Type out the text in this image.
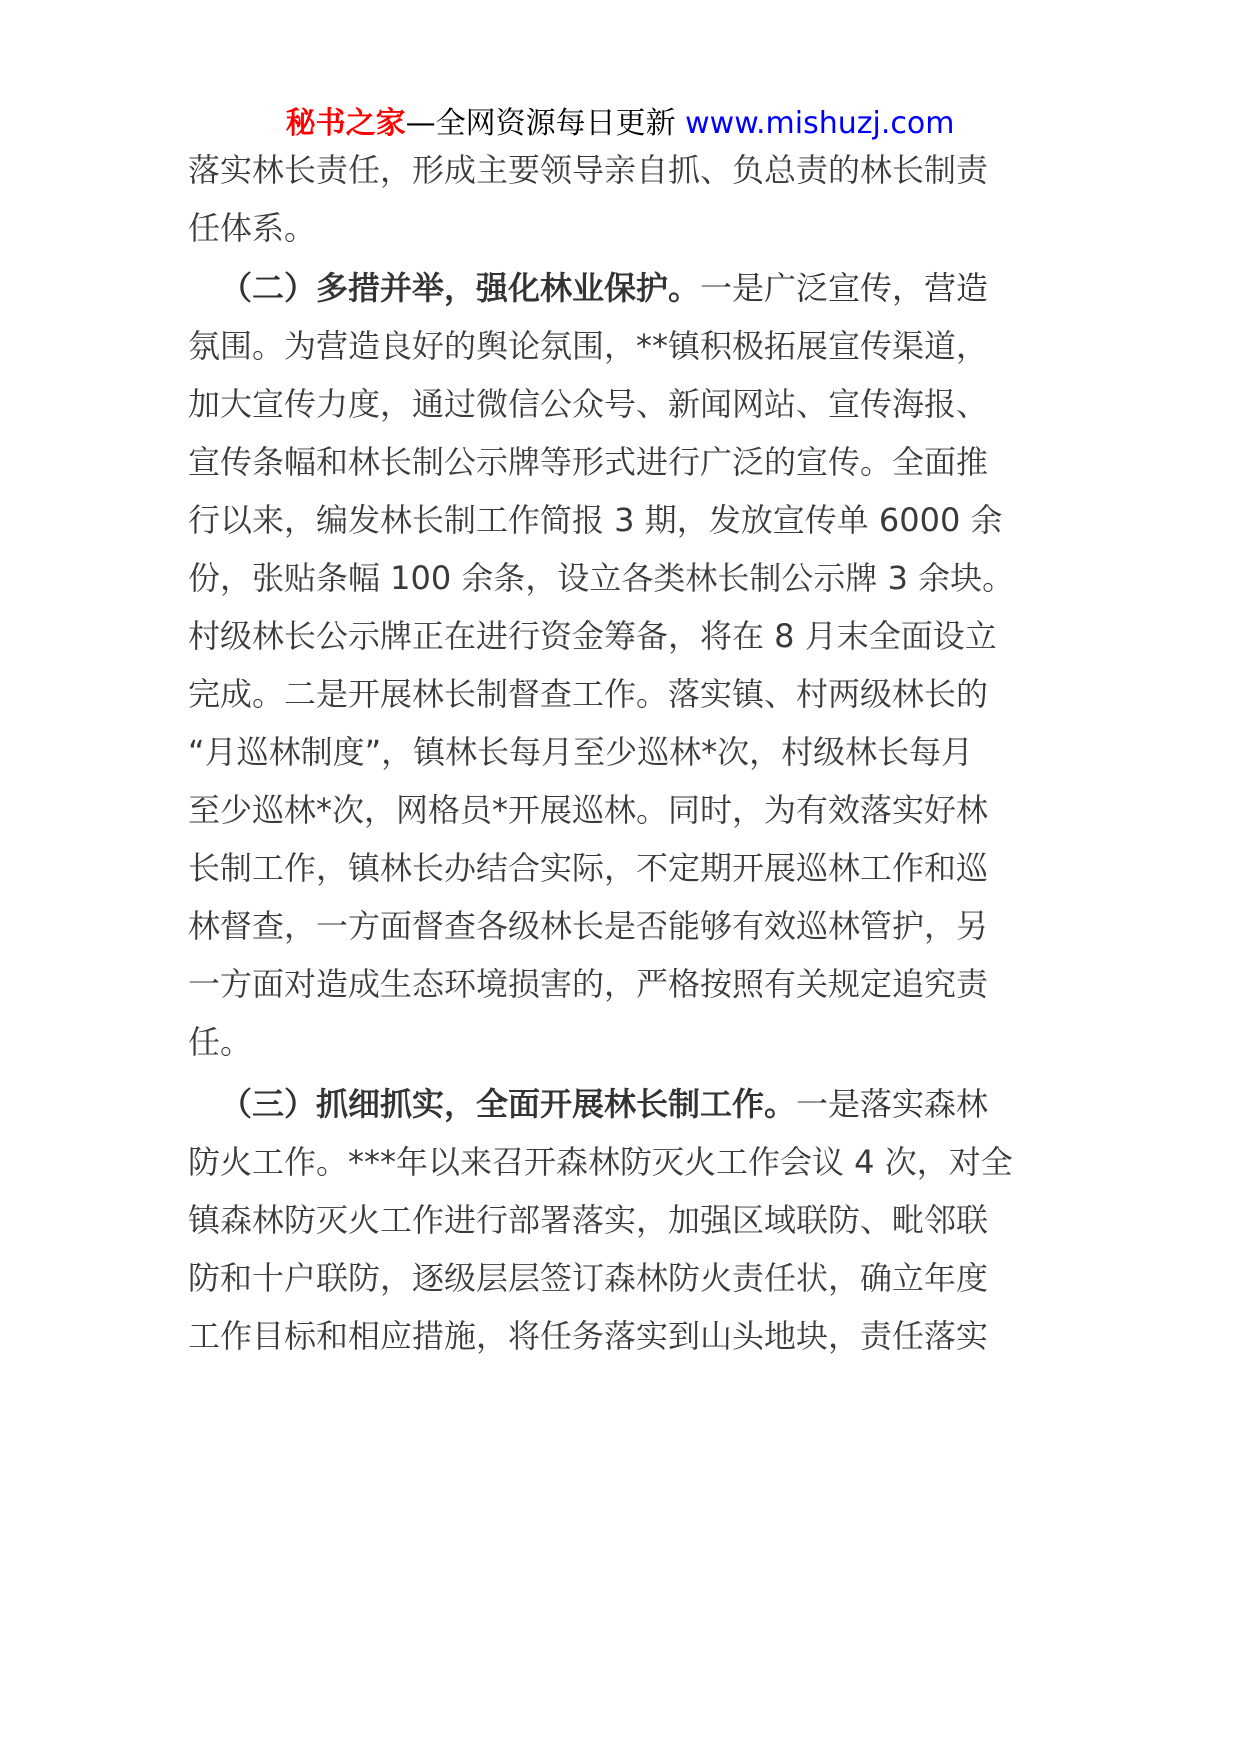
秘书之家—全网资源每日更新 www.mishuzj.com
落实林长责任，形成主要领导亲自抓、负总责的林长制责
任体系。
（二）多措并举，强化林业保护。一是广泛宣传，营造
氛围。为营造良好的舆论氛围，**镇积极拓展宣传渠道，
加大宣传力度，通过微信公众号、新闻网站、宣传海报、
宣传条幅和林长制公示牌等形式进行广泛的宣传。全面推
行以来，编发林长制工作简报 3 期，发放宣传单 6000 余
份，张贴条幅 100 余条，设立各类林长制公示牌 3 余块。
村级林长公示牌正在进行资金筹备，将在 8 月末全面设立
完成。二是开展林长制督查工作。落实镇、村两级林长的
“月巡林制度”，镇林长每月至少巡林*次，村级林长每月
至少巡林*次，网格员*开展巡林。同时，为有效落实好林
长制工作，镇林长办结合实际，不定期开展巡林工作和巡
林督查，一方面督查各级林长是否能够有效巡林管护，另
一方面对造成生态环境损害的，严格按照有关规定追究责
任。
（三）抓细抓实，全面开展林长制工作。一是落实森林
防火工作。***年以来召开森林防灭火工作会议 4 次，对全
镇森林防灭火工作进行部署落实，加强区域联防、毗邻联
防和十户联防，逐级层层签订森林防火责任状，确立年度
工作目标和相应措施，将任务落实到山头地块，责任落实
